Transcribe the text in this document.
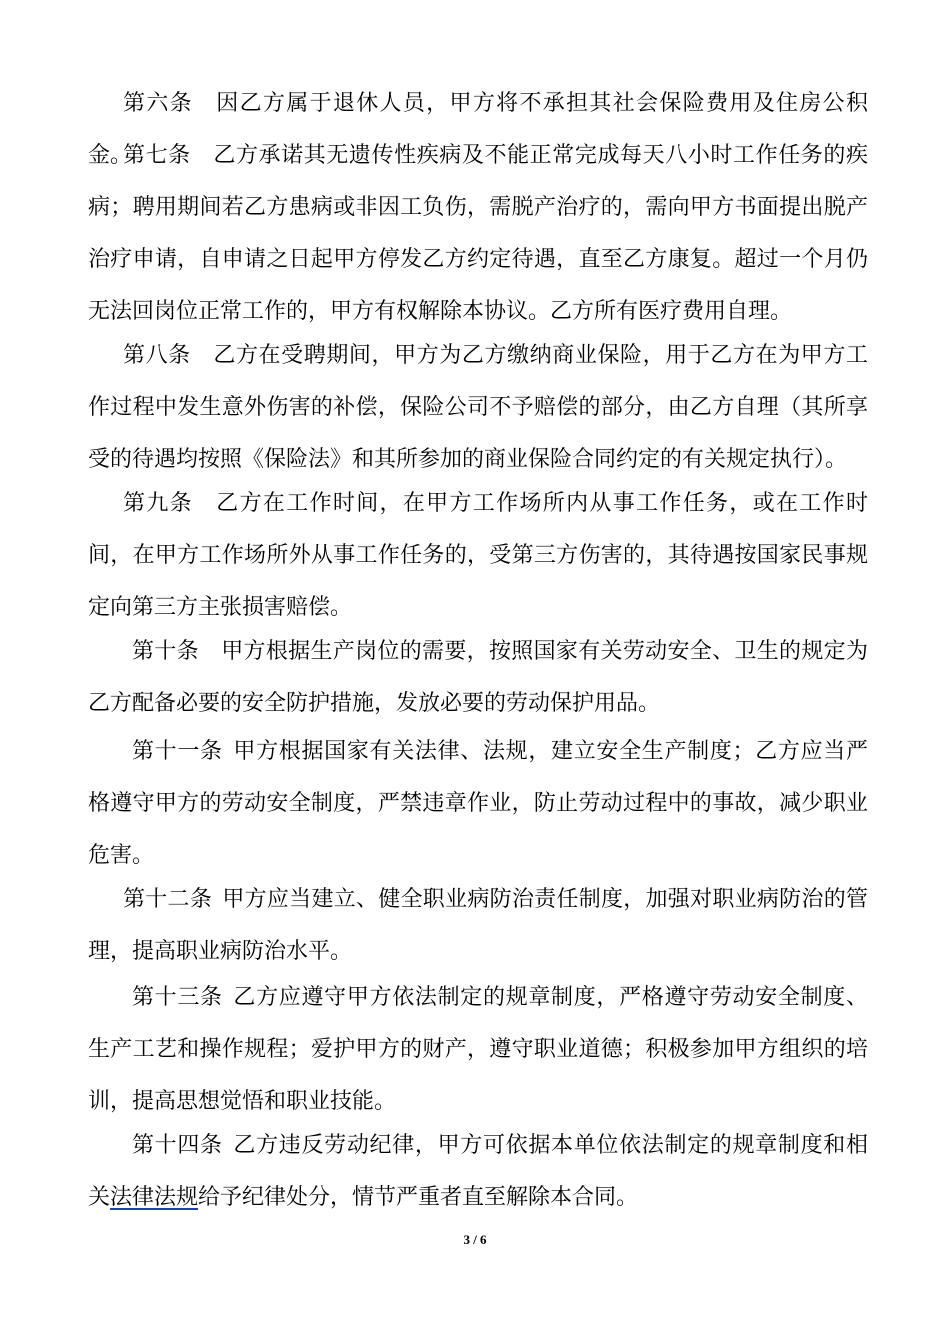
第六条 因乙方属于退休人员，甲方将不承担其社会保险费用及住房公积金。

第七条 乙方承诺其无遗传性疾病及不能正常完成每天八小时工作任务的疾病；聘用期间若乙方患病或非因工负伤，需脱产治疗的，需向甲方书面提出脱产治疗申请，自申请之日起甲方停发乙方约定待遇，直至乙方康复。超过一个月仍无法回岗位正常工作的，甲方有权解除本协议。乙方所有医疗费用自理。

第八条 乙方在受聘期间，甲方为乙方缴纳商业保险，用于乙方在为甲方工作过程中发生意外伤害的补偿，保险公司不予赔偿的部分，由乙方自理（其所享受的待遇均按照《保险法》和其所参加的商业保险合同约定的有关规定执行）。

第九条 乙方在工作时间，在甲方工作场所内从事工作任务，或在工作时间，在甲方工作场所外从事工作任务的，受第三方伤害的，其待遇按国家民事规定向第三方主张损害赔偿。

第十条 甲方根据生产岗位的需要，按照国家有关劳动安全、卫生的规定为乙方配备必要的安全防护措施，发放必要的劳动保护用品。

第十一条 甲方根据国家有关法律、法规，建立安全生产制度；乙方应当严格遵守甲方的劳动安全制度，严禁违章作业，防止劳动过程中的事故，减少职业危害。

第十二条 甲方应当建立、健全职业病防治责任制度，加强对职业病防治的管理，提高职业病防治水平。

第十三条 乙方应遵守甲方依法制定的规章制度，严格遵守劳动安全制度、生产工艺和操作规程；爱护甲方的财产，遵守职业道德；积极参加甲方组织的培训，提高思想觉悟和职业技能。

第十四条 乙方违反劳动纪律，甲方可依据本单位依法制定的规章制度和相关法律法规给予纪律处分，情节严重者直至解除本合同。

3 / 6
